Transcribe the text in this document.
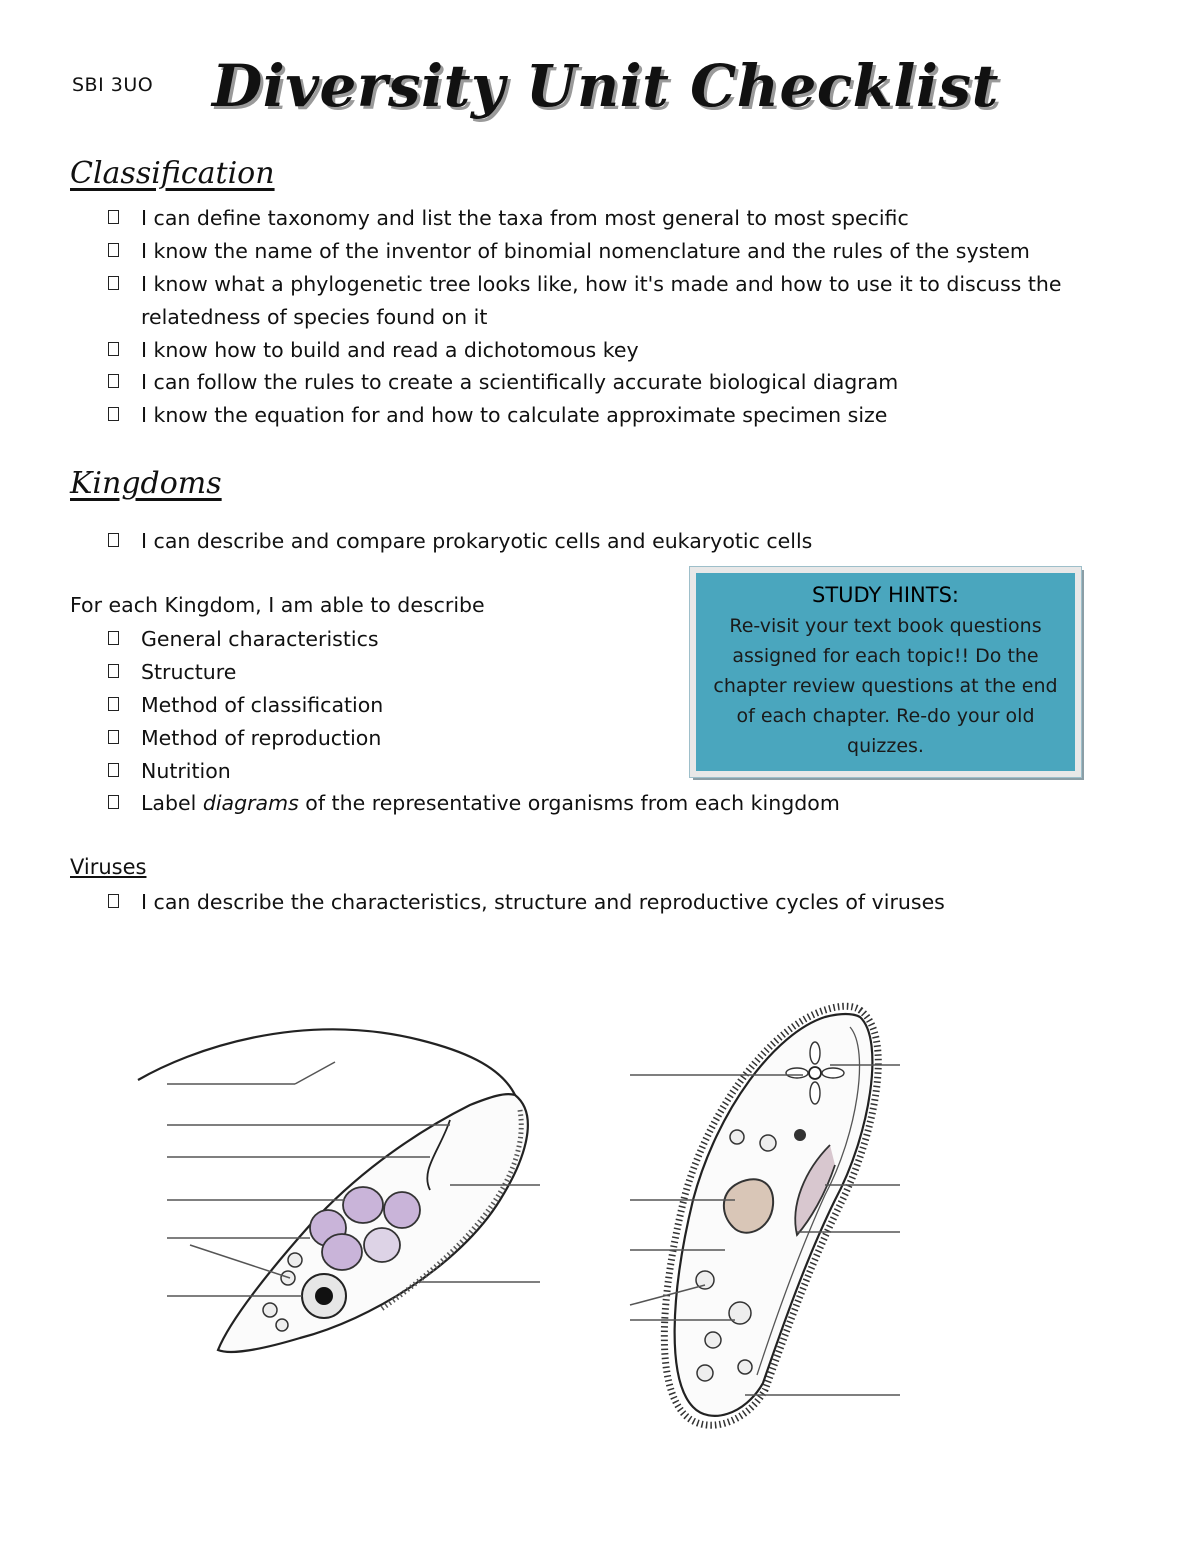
SBI 3UO Diversity Unit Checklist
Classification
I can define taxonomy and list the taxa from most general to most specific
I know the name of the inventor of binomial nomenclature and the rules of the system
I know what a phylogenetic tree looks like, how it's made and how to use it to discuss the relatedness of species found on it
I know how to build and read a dichotomous key
I can follow the rules to create a scientifically accurate biological diagram
I know the equation for and how to calculate approximate specimen size
Kingdoms
I can describe and compare prokaryotic cells and eukaryotic cells
For each Kingdom, I am able to describe
General characteristics
Structure
Method of classification
Method of reproduction
Nutrition
Label diagrams of the representative organisms from each kingdom
STUDY HINTS:
Re-visit your text book questions assigned for each topic!! Do the chapter review questions at the end of each chapter. Re-do your old quizzes.
Viruses
I can describe the characteristics, structure and reproductive cycles of viruses
